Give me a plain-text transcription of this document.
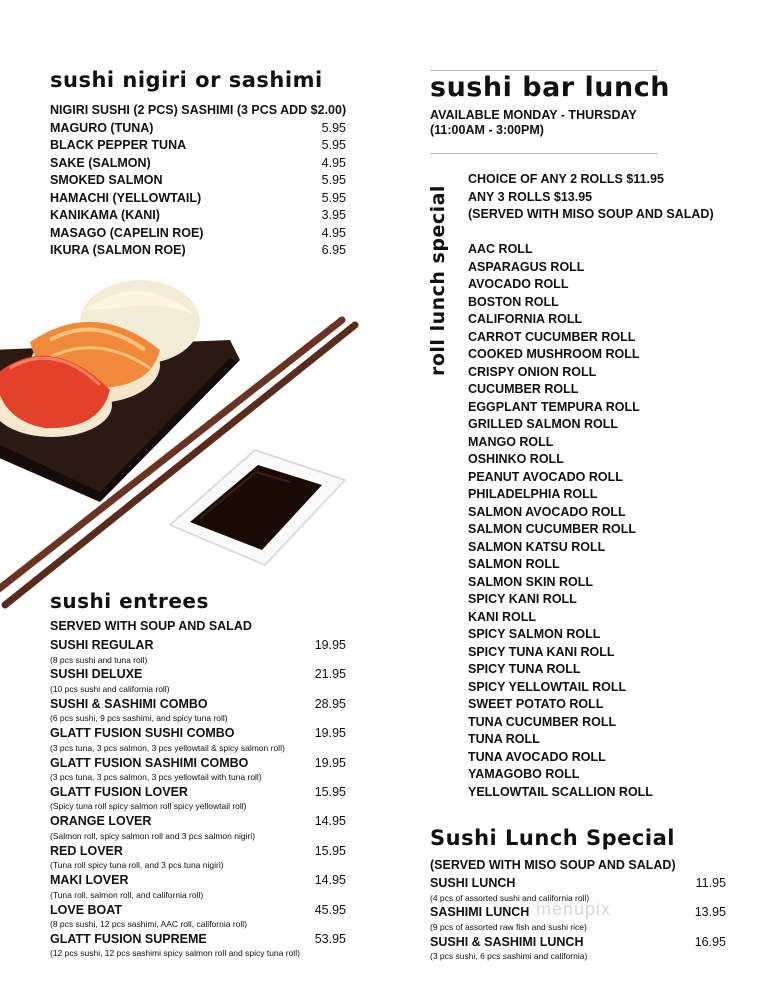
sushi nigiri or sashimi
NIGIRI SUSHI (2 PCS) SASHIMI (3 PCS ADD $2.00)
MAGURO (TUNA)	5.95
BLACK PEPPER TUNA	5.95
SAKE (SALMON)	4.95
SMOKED SALMON	5.95
HAMACHI (YELLOWTAIL)	5.95
KANIKAMA (KANI)	3.95
MASAGO (CAPELIN ROE)	4.95
IKURA (SALMON ROE)	6.95
sushi entrees
SERVED WITH SOUP AND SALAD
SUSHI REGULAR	19.95
(8 pcs sushi and tuna roll)
SUSHI DELUXE	21.95
(10 pcs sushi and california roll)
SUSHI & SASHIMI COMBO	28.95
(6 pcs sushi, 9 pcs sashimi, and spicy tuna roll)
GLATT FUSION SUSHI COMBO	19.95
(3 pcs tuna, 3 pcs salmon, 3 pcs yellowtail & spicy salmon roll)
GLATT FUSION SASHIMI COMBO	19.95
(3 pcs tuna, 3 pcs salmon, 3 pcs yellowtail with tuna roll)
GLATT FUSION LOVER	15.95
(Spicy tuna roll spicy salmon roll spicy yellowtail roll)
ORANGE LOVER	14.95
(Salmon roll, spicy salmon roll and 3 pcs salmon nigiri)
RED LOVER	15.95
(Tuna roll spicy tuna roll, and 3 pcs tuna nigiri)
MAKI LOVER	14.95
(Tuna roll, salmon roll, and california roll)
LOVE BOAT	45.95
(8 pcs sushi, 12 pcs sashimi, AAC roll, california roll)
GLATT FUSION SUPREME	53.95
(12 pcs sushi, 12 pcs sashimi spicy salmon roll and spicy tuna roll)
sushi bar lunch
AVAILABLE MONDAY - THURSDAY
(11:00AM - 3:00PM)
roll lunch special
CHOICE OF ANY 2 ROLLS $11.95
ANY 3 ROLLS $13.95
(SERVED WITH MISO SOUP AND SALAD)
AAC ROLL
ASPARAGUS ROLL
AVOCADO ROLL
BOSTON ROLL
CALIFORNIA ROLL
CARROT CUCUMBER ROLL
COOKED MUSHROOM ROLL
CRISPY ONION ROLL
CUCUMBER ROLL
EGGPLANT TEMPURA ROLL
GRILLED SALMON ROLL
MANGO ROLL
OSHINKO ROLL
PEANUT AVOCADO ROLL
PHILADELPHIA ROLL
SALMON AVOCADO ROLL
SALMON CUCUMBER ROLL
SALMON KATSU ROLL
SALMON ROLL
SALMON SKIN ROLL
SPICY KANI ROLL
KANI ROLL
SPICY SALMON ROLL
SPICY TUNA KANI ROLL
SPICY TUNA ROLL
SPICY YELLOWTAIL ROLL
SWEET POTATO ROLL
TUNA CUCUMBER ROLL
TUNA ROLL
TUNA AVOCADO ROLL
YAMAGOBO ROLL
YELLOWTAIL SCALLION ROLL
Sushi Lunch Special
(SERVED WITH MISO SOUP AND SALAD)
SUSHI LUNCH	11.95
(4 pcs of assorted sushi and california roll)
SASHIMI LUNCH	13.95
(9 pcs of assorted raw fish and sushi rice)
SUSHI & SASHIMI LUNCH	16.95
(3 pcs sushi, 6 pcs sashimi and california)
menupix
